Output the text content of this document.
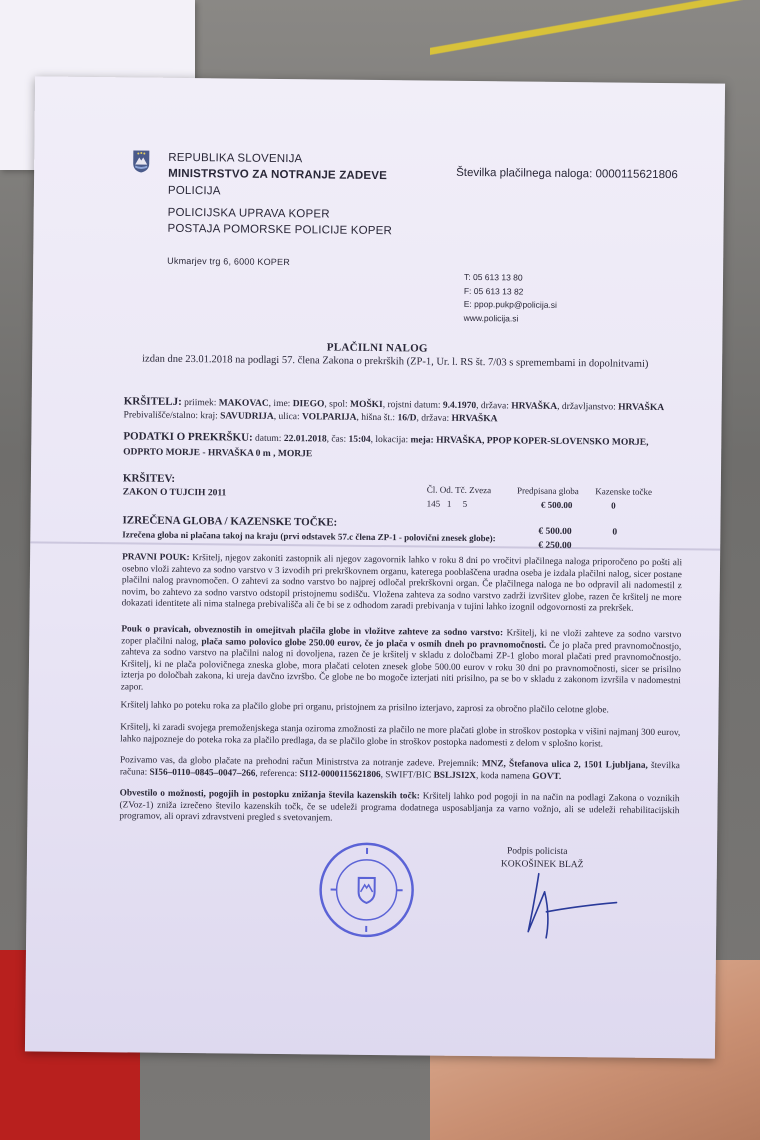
REPUBLIKA SLOVENIJA
MINISTRSTVO ZA NOTRANJE ZADEVE
POLICIJA
POLICIJSKA UPRAVA KOPER
POSTAJA POMORSKE POLICIJE KOPER
Ukmarjev trg 6, 6000 KOPER
Številka plačilnega naloga: 0000115621806
T: 05 613 13 80
F: 05 613 13 82
E: ppop.pukp@policija.si
www.policija.si
PLAČILNI NALOG
izdan dne 23.01.2018 na podlagi 57. člena Zakona o prekrških (ZP-1, Ur. l. RS št. 7/03 s spremembami in dopolnitvami)
KRŠITELJ: priimek: MAKOVAC, ime: DIEGO, spol: MOŠKI, rojstni datum: 9.4.1970, država: HRVAŠKA, državljanstvo: HRVAŠKA
Prebivališče/stalno: kraj: SAVUDRIJA, ulica: VOLPARIJA, hišna št.: 16/D, država: HRVAŠKA
PODATKI O PREKRŠKU: datum: 22.01.2018, čas: 15:04, lokacija: meja: HRVAŠKA, PPOP KOPER-SLOVENSKO MORJE,
ODPRTO MORJE - HRVAŠKA 0 m , MORJE
KRŠITEV:
ZAKON O TUJCIH 2011	Čl. Od. Tč. Zveza	Predpisana globa Kazenske točke
145   1     5	€ 500.00	0
IZREČENA GLOBA / KAZENSKE TOČKE:
€ 500.00	0
Izrečena globa ni plačana takoj na kraju (prvi odstavek 57.c člena ZP-1 - polovični znesek globe):
€ 250.00
PRAVNI POUK: Kršitelj, njegov zakoniti zastopnik ali njegov zagovornik lahko v roku 8 dni po vročitvi plačilnega naloga priporočeno po pošti ali osebno vloži zahtevo za sodno varstvo v 3 izvodih pri prekrškovnem organu, katerega pooblaščena uradna oseba je izdala plačilni nalog, sicer postane plačilni nalog pravnomočen. O zahtevi za sodno varstvo bo najprej odločal prekrškovni organ. Če plačilnega naloga ne bo odpravil ali nadomestil z novim, bo zahtevo za sodno varstvo odstopil pristojnemu sodišču. Vložena zahteva za sodno varstvo zadrži izvršitev globe, razen če kršitelj ne more dokazati identitete ali nima stalnega prebivališča ali če bi se z odhodom zaradi prebivanja v tujini lahko izognil odgovornosti za prekršek.
Pouk o pravicah, obveznostih in omejitvah plačila globe in vložitve zahteve za sodno varstvo: Kršitelj, ki ne vloži zahteve za sodno varstvo zoper plačilni nalog, plača samo polovico globe 250.00 eurov, če jo plača v osmih dneh po pravnomočnosti. Če jo plača pred pravnomočnostjo, zahteva za sodno varstvo na plačilni nalog ni dovoljena, razen če je kršitelj v skladu z določbami ZP-1 globo moral plačati pred pravnomočnostjo. Kršitelj, ki ne plača polovičnega zneska globe, mora plačati celoten znesek globe 500.00 eurov v roku 30 dni po pravnomočnosti, sicer se prisilno izterja po določbah zakona, ki ureja davčno izvršbo. Če globe ne bo mogoče izterjati niti prisilno, pa se bo v skladu z zakonom izvršila v nadomestni zapor.
Kršitelj lahko po poteku roka za plačilo globe pri organu, pristojnem za prisilno izterjavo, zaprosi za obročno plačilo celotne globe.
Kršitelj, ki zaradi svojega premoženjskega stanja oziroma zmožnosti za plačilo ne more plačati globe in stroškov postopka v višini najmanj 300 eurov, lahko najpozneje do poteka roka za plačilo predlaga, da se plačilo globe in stroškov postopka nadomesti z delom v splošno korist.
Pozivamo vas, da globo plačate na prehodni račun Ministrstva za notranje zadeve. Prejemnik: MNZ, Štefanova ulica 2, 1501 Ljubljana, številka računa: SI56–0110–0845–0047–266, referenca: SI12-0000115621806, SWIFT/BIC BSLJSI2X, koda namena GOVT.
Obvestilo o možnosti, pogojih in postopku znižanja števila kazenskih točk: Kršitelj lahko pod pogoji in na način na podlagi Zakona o voznikih (ZVoz-1) zniža izrečeno število kazenskih točk, če se udeleži programa dodatnega usposabljanja za varno vožnjo, ali se udeleži rehabilitacijskih programov, ali opravi zdravstveni pregled s svetovanjem.
Podpis policista
KOKOŠINEK BLAŽ
